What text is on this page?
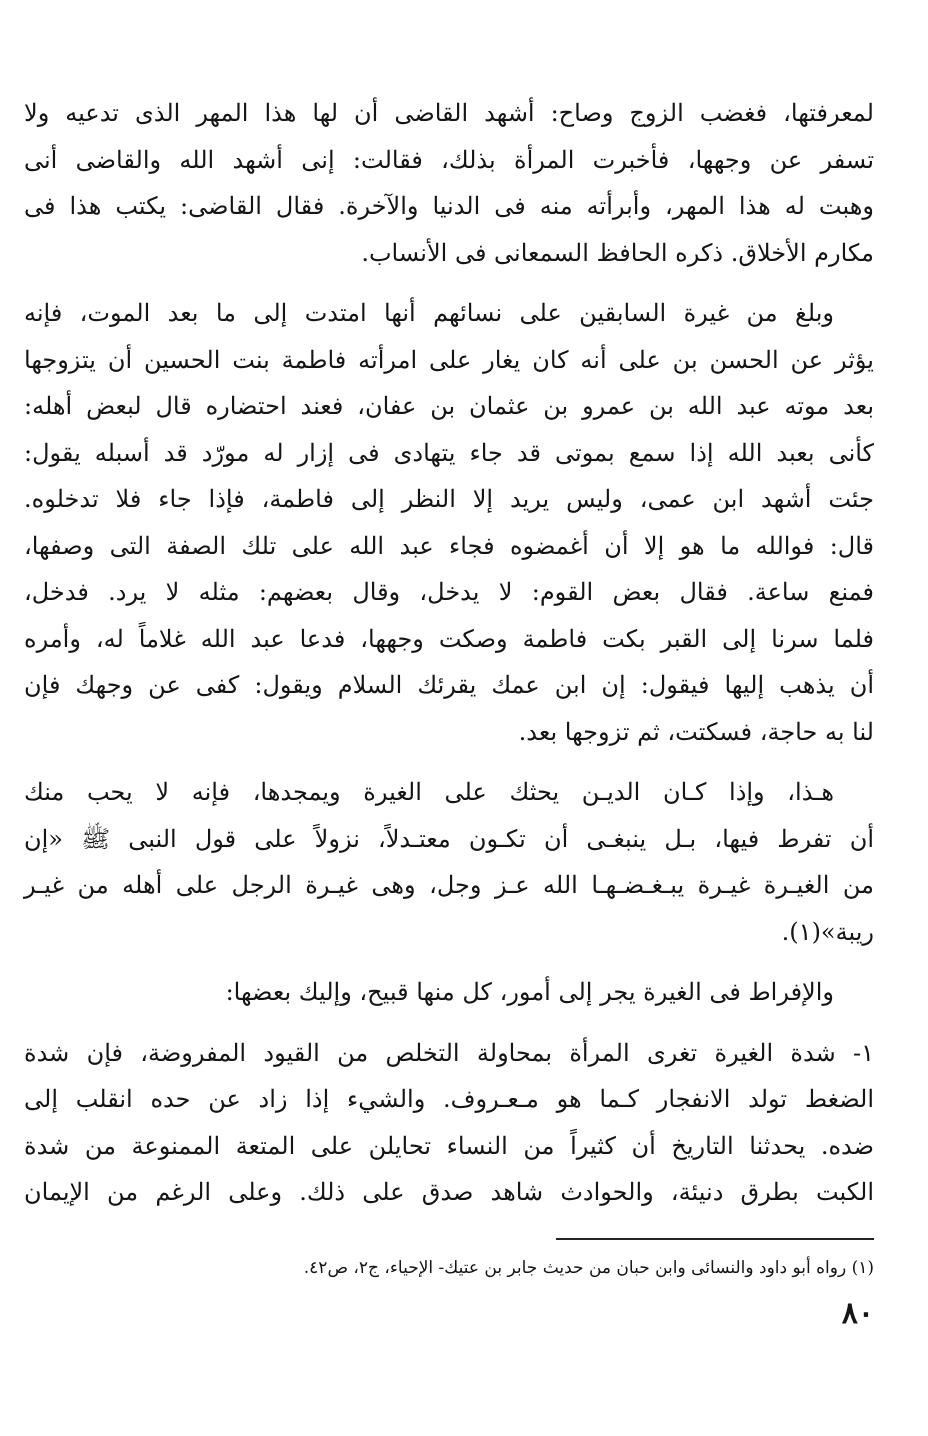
لمعرفتها، فغضب الزوج وصاح: أشهد القاضى أن لها هذا المهر الذى تدعيه ولا
تسفر عن وجهها، فأخبرت المرأة بذلك، فقالت: إنى أشهد الله والقاضى أنى
وهبت له هذا المهر، وأبرأته منه فى الدنيا والآخرة. فقال القاضى: يكتب هذا فى
مكارم الأخلاق. ذكره الحافظ السمعانى فى الأنساب.
وبلغ من غيرة السابقين على نسائهم أنها امتدت إلى ما بعد الموت، فإنه
يؤثر عن الحسن بن على أنه كان يغار على امرأته فاطمة بنت الحسين أن يتزوجها
بعد موته عبد الله بن عمرو بن عثمان بن عفان، فعند احتضاره قال لبعض أهله:
كأنى بعبد الله إذا سمع بموتى قد جاء يتهادى فى إزار له مورّد قد أسبله يقول:
جئت أشهد ابن عمى، وليس يريد إلا النظر إلى فاطمة، فإذا جاء فلا تدخلوه.
قال: فوالله ما هو إلا أن أغمضوه فجاء عبد الله على تلك الصفة التى وصفها،
فمنع ساعة. فقال بعض القوم: لا يدخل، وقال بعضهم: مثله لا يرد. فدخل،
فلما سرنا إلى القبر بكت فاطمة وصكت وجهها، فدعا عبد الله غلاماً له، وأمره
أن يذهب إليها فيقول: إن ابن عمك يقرئك السلام ويقول: كفى عن وجهك فإن
لنا به حاجة، فسكتت، ثم تزوجها بعد.
هـذا، وإذا كـان الديـن يحثك على الغيرة ويمجدها، فإنه لا يحب منك
أن تفرط فيها، بـل ينبغـى أن تكـون معتـدلاً، نزولاً على قول النبى ﷺ «إن
من الغيـرة غيـرة يبـغـضـهـا الله عـز وجل، وهى غيـرة الرجل على أهله من غيـر
ريبة»(١).
والإفراط فى الغيرة يجر إلى أمور، كل منها قبيح، وإليك بعضها:
١- شدة الغيرة تغرى المرأة بمحاولة التخلص من القيود المفروضة، فإن شدة
الضغط تولد الانفجار كـما هو مـعـروف. والشيء إذا زاد عن حده انقلب إلى
ضده. يحدثنا التاريخ أن كثيراً من النساء تحايلن على المتعة الممنوعة من شدة
الكبت بطرق دنيئة، والحوادث شاهد صدق على ذلك. وعلى الرغم من الإيمان
(١) رواه أبو داود والنسائى وابن حبان من حديث جابر بن عتيك- الإحياء، ج٢، ص٤٢.
٨٠
